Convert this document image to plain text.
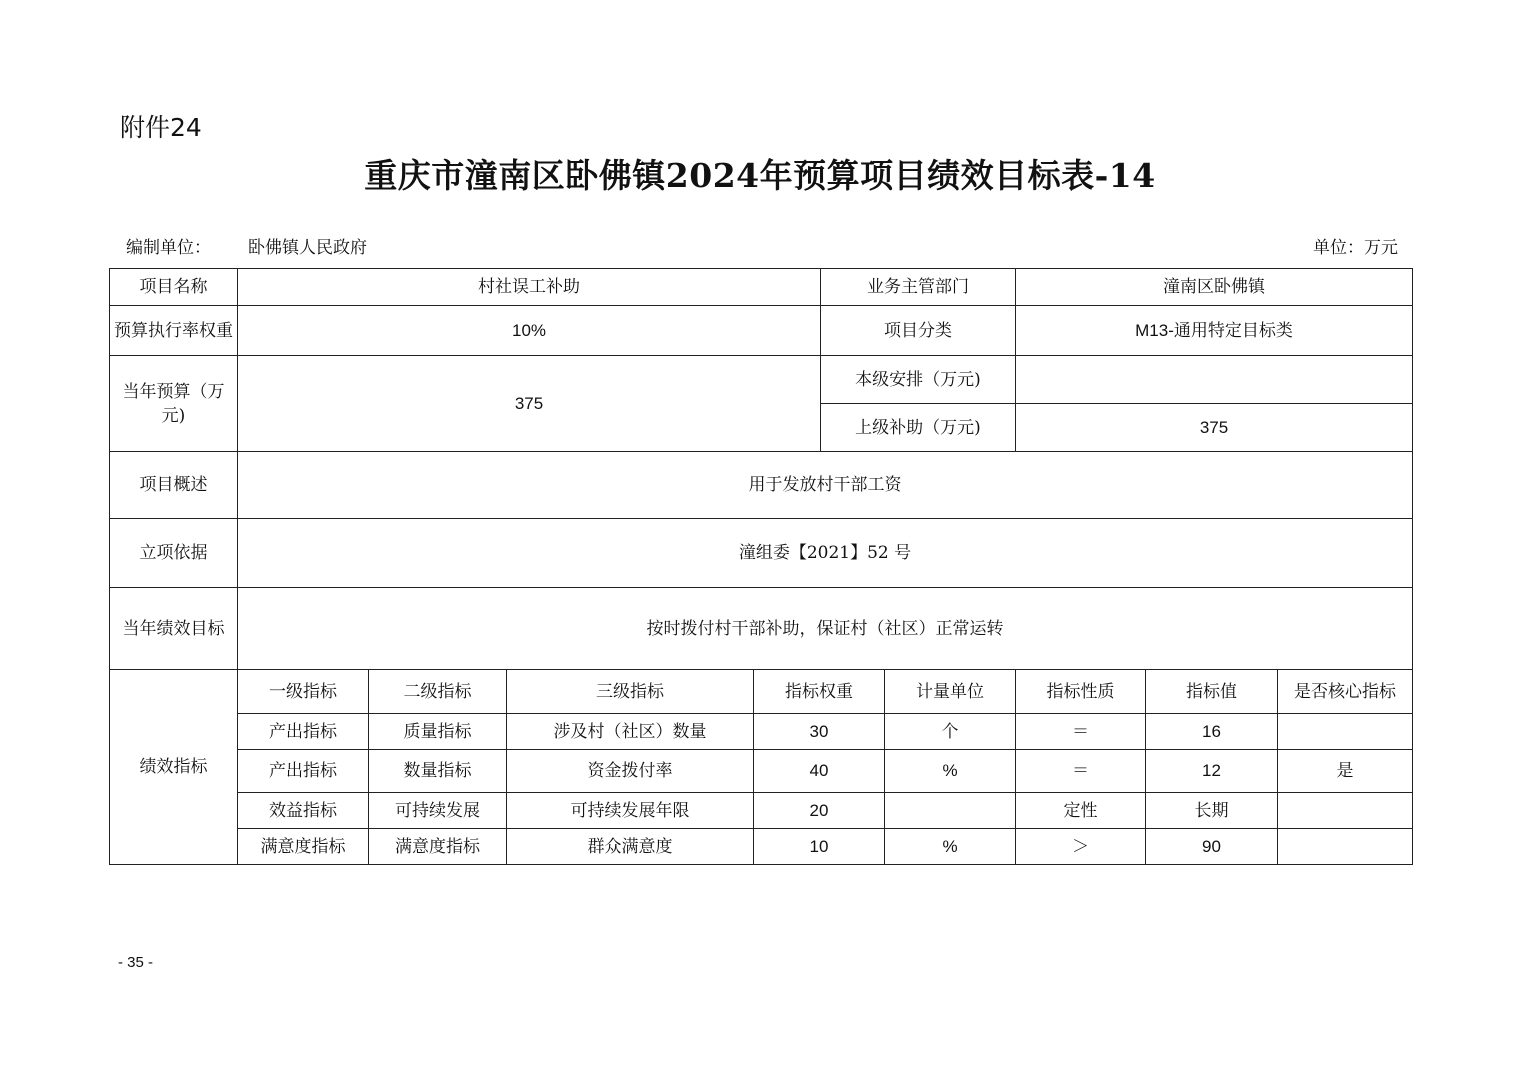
附件24
重庆市潼南区卧佛镇2024年预算项目绩效目标表-14
编制单位： 卧佛镇人民政府	单位：万元
项目名称	村社误工补助				业务主管部门		潼南区卧佛镇		
预算执行率权重	10%				项目分类		M13-通用特定目标类		
当年预算（万元)	375				本级安排（万元)				
					上级补助（万元)		375		
项目概述	用于发放村干部工资								
立项依据	潼组委【2021】52 号								
当年绩效目标	按时拨付村干部补助，保证村（社区）正常运转								
绩效指标	一级指标	二级指标	三级指标	指标权重		计量单位	指标性质	指标值	是否核心指标
	产出指标	质量指标	涉及村（社区）数量	30		个	＝	16	
	产出指标	数量指标	资金拨付率	40		%	＝	12	是
	效益指标	可持续发展	可持续发展年限	20			定性	长期	
	满意度指标	满意度指标	群众满意度	10		%	＞	90	
- 35 -
